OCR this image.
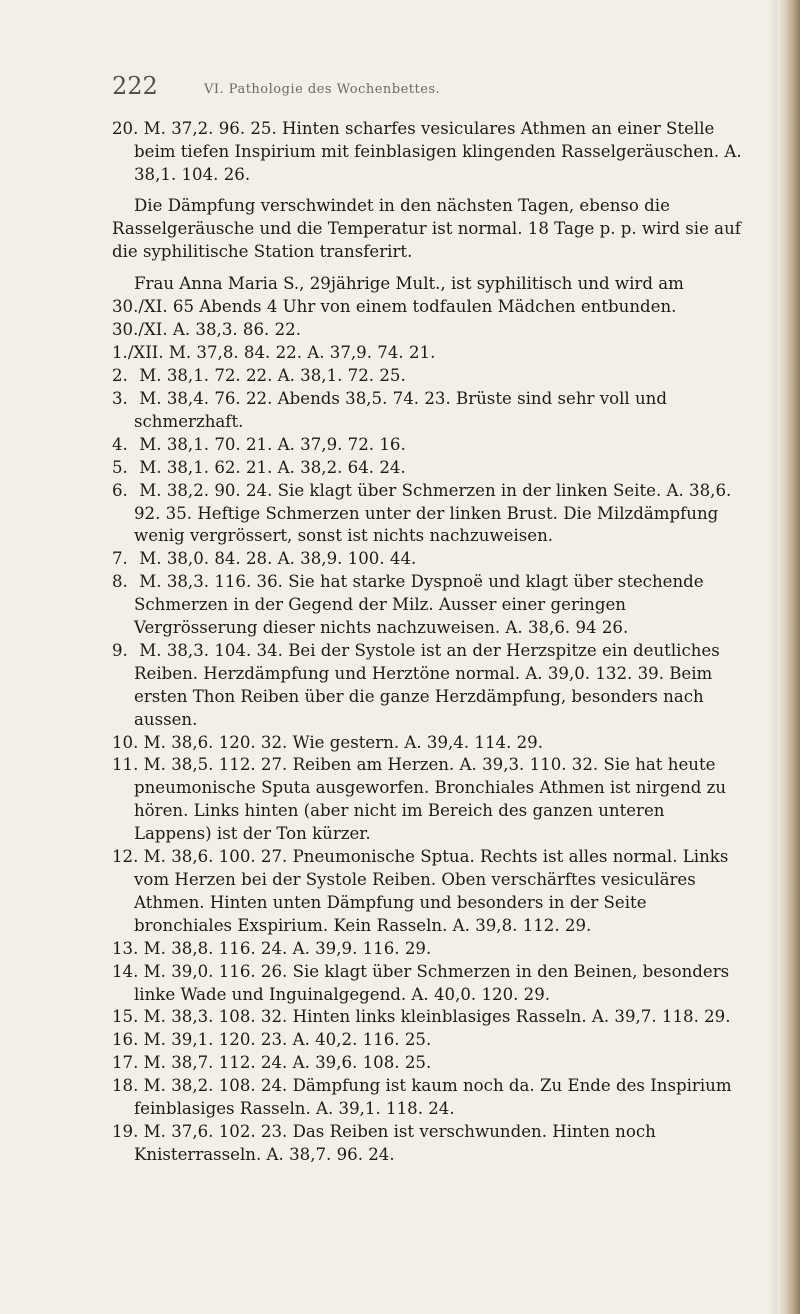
222	VI. Pathologie des Wochenbettes.

20. M. 37,2. 96. 25. Hinten scharfes vesiculares Athmen an einer Stelle beim tiefen Inspirium mit feinblasigen klingenden Rasselgeräuschen. A. 38,1. 104. 26.

Die Dämpfung verschwindet in den nächsten Tagen, ebenso die Rasselgeräusche und die Temperatur ist normal. 18 Tage p. p. wird sie auf die syphilitische Station transferirt.

Frau Anna Maria S., 29jährige Mult., ist syphilitisch und wird am 30./XI. 65 Abends 4 Uhr von einem todfaulen Mädchen entbunden.

30./XI. A. 38,3. 86. 22.

1./XII. M. 37,8. 84. 22. A. 37,9. 74. 21.

2. M. 38,1. 72. 22. A. 38,1. 72. 25.

3. M. 38,4. 76. 22. Abends 38,5. 74. 23. Brüste sind sehr voll und schmerzhaft.

4. M. 38,1. 70. 21. A. 37,9. 72. 16.

5. M. 38,1. 62. 21. A. 38,2. 64. 24.

6. M. 38,2. 90. 24. Sie klagt über Schmerzen in der linken Seite. A. 38,6. 92. 35. Heftige Schmerzen unter der linken Brust. Die Milzdämpfung wenig vergrössert, sonst ist nichts nachzuweisen.

7. M. 38,0. 84. 28. A. 38,9. 100. 44.

8. M. 38,3. 116. 36. Sie hat starke Dyspnoë und klagt über stechende Schmerzen in der Gegend der Milz. Ausser einer geringen Vergrösserung dieser nichts nachzuweisen. A. 38,6. 94 26.

9. M. 38,3. 104. 34. Bei der Systole ist an der Herzspitze ein deutliches Reiben. Herzdämpfung und Herztöne normal. A. 39,0. 132. 39. Beim ersten Thon Reiben über die ganze Herzdämpfung, besonders nach aussen.

10. M. 38,6. 120. 32. Wie gestern. A. 39,4. 114. 29.

11. M. 38,5. 112. 27. Reiben am Herzen. A. 39,3. 110. 32. Sie hat heute pneumonische Sputa ausgeworfen. Bronchiales Athmen ist nirgend zu hören. Links hinten (aber nicht im Bereich des ganzen unteren Lappens) ist der Ton kürzer.

12. M. 38,6. 100. 27. Pneumonische Sptua. Rechts ist alles normal. Links vom Herzen bei der Systole Reiben. Oben verschärftes vesiculäres Athmen. Hinten unten Dämpfung und besonders in der Seite bronchiales Exspirium. Kein Rasseln. A. 39,8. 112. 29.

13. M. 38,8. 116. 24. A. 39,9. 116. 29.

14. M. 39,0. 116. 26. Sie klagt über Schmerzen in den Beinen, besonders linke Wade und Inguinalgegend. A. 40,0. 120. 29.

15. M. 38,3. 108. 32. Hinten links kleinblasiges Rasseln. A. 39,7. 118. 29.

16. M. 39,1. 120. 23. A. 40,2. 116. 25.

17. M. 38,7. 112. 24. A. 39,6. 108. 25.

18. M. 38,2. 108. 24. Dämpfung ist kaum noch da. Zu Ende des Inspirium feinblasiges Rasseln. A. 39,1. 118. 24.

19. M. 37,6. 102. 23. Das Reiben ist verschwunden. Hinten noch Knisterrasseln. A. 38,7. 96. 24.
